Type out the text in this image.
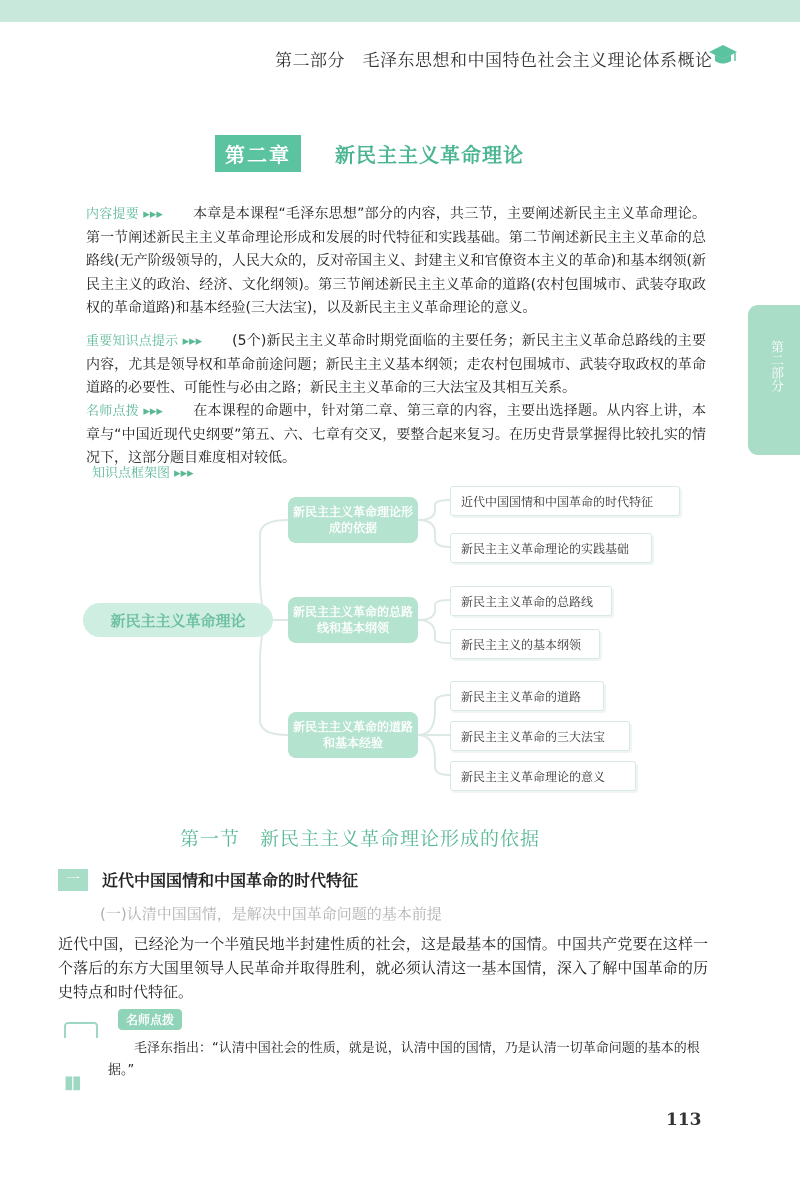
第二部分　毛泽东思想和中国特色社会主义理论体系概论
第二章	新民主主义革命理论
内容提要 ▸▸▸ 本章是本课程“毛泽东思想”部分的内容，共三节，主要阐述新民主主义革命理论。第一节阐述新民主主义革命理论形成和发展的时代特征和实践基础。第二节阐述新民主主义革命的总路线(无产阶级领导的，人民大众的，反对帝国主义、封建主义和官僚资本主义的革命)和基本纲领(新民主主义的政治、经济、文化纲领)。第三节阐述新民主主义革命的道路(农村包围城市、武装夺取政权的革命道路)和基本经验(三大法宝)，以及新民主主义革命理论的意义。
重要知识点提示 ▸▸▸ (5个)新民主主义革命时期党面临的主要任务；新民主主义革命总路线的主要内容，尤其是领导权和革命前途问题；新民主主义基本纲领；走农村包围城市、武装夺取政权的革命道路的必要性、可能性与必由之路；新民主主义革命的三大法宝及其相互关系。
名师点拨 ▸▸▸ 在本课程的命题中，针对第二章、第三章的内容，主要出选择题。从内容上讲，本章与“中国近现代史纲要”第五、六、七章有交叉，要整合起来复习。在历史背景掌握得比较扎实的情况下，这部分题目难度相对较低。
知识点框架图 ▸▸▸
第二部分
新民主主义革命理论
新民主主义革命理论形成的依据
新民主主义革命的总路线和基本纲领
新民主主义革命的道路和基本经验
近代中国国情和中国革命的时代特征
新民主主义革命理论的实践基础
新民主主义革命的总路线
新民主主义的基本纲领
新民主主义革命的道路
新民主主义革命的三大法宝
新民主主义革命理论的意义
第一节　新民主主义革命理论形成的依据
一	近代中国国情和中国革命的时代特征
(一)认清中国国情，是解决中国革命问题的基本前提
近代中国，已经沦为一个半殖民地半封建性质的社会，这是最基本的国情。中国共产党要在这样一个落后的东方大国里领导人民革命并取得胜利，就必须认清这一基本国情，深入了解中国革命的历史特点和时代特征。
名师点拨
毛泽东指出：“认清中国社会的性质，就是说，认清中国的国情，乃是认清一切革命问题的基本的根据。”
▮▮
113
